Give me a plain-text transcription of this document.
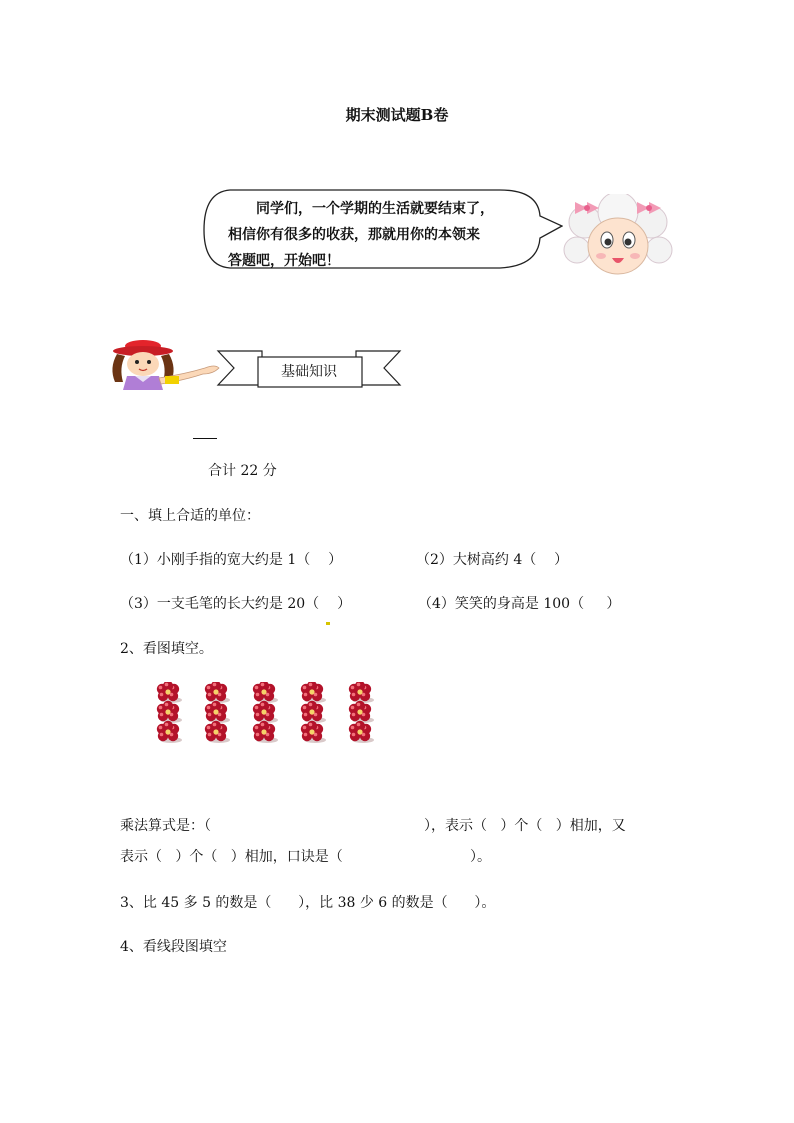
期末测试题B卷
同学们，一个学期的生活就要结束了，
相信你有很多的收获，那就用你的本领来
答题吧，开始吧！
基础知识
合计 22 分
一、填上合适的单位：
（1）小刚手指的宽大约是 1（    ）	（2）大树高约 4（    ）
（3）一支毛笔的长大约是 20（ ）	（4）笑笑的身高是 100（     ）
2、看图填空。
乘法算式是：（	），表示（   ）个（   ）相加，又
表示（   ）个（   ）相加，口诀是（	）。
3、比 45 多 5 的数是（      ），比 38 少 6 的数是（      ）。
4、看线段图填空
